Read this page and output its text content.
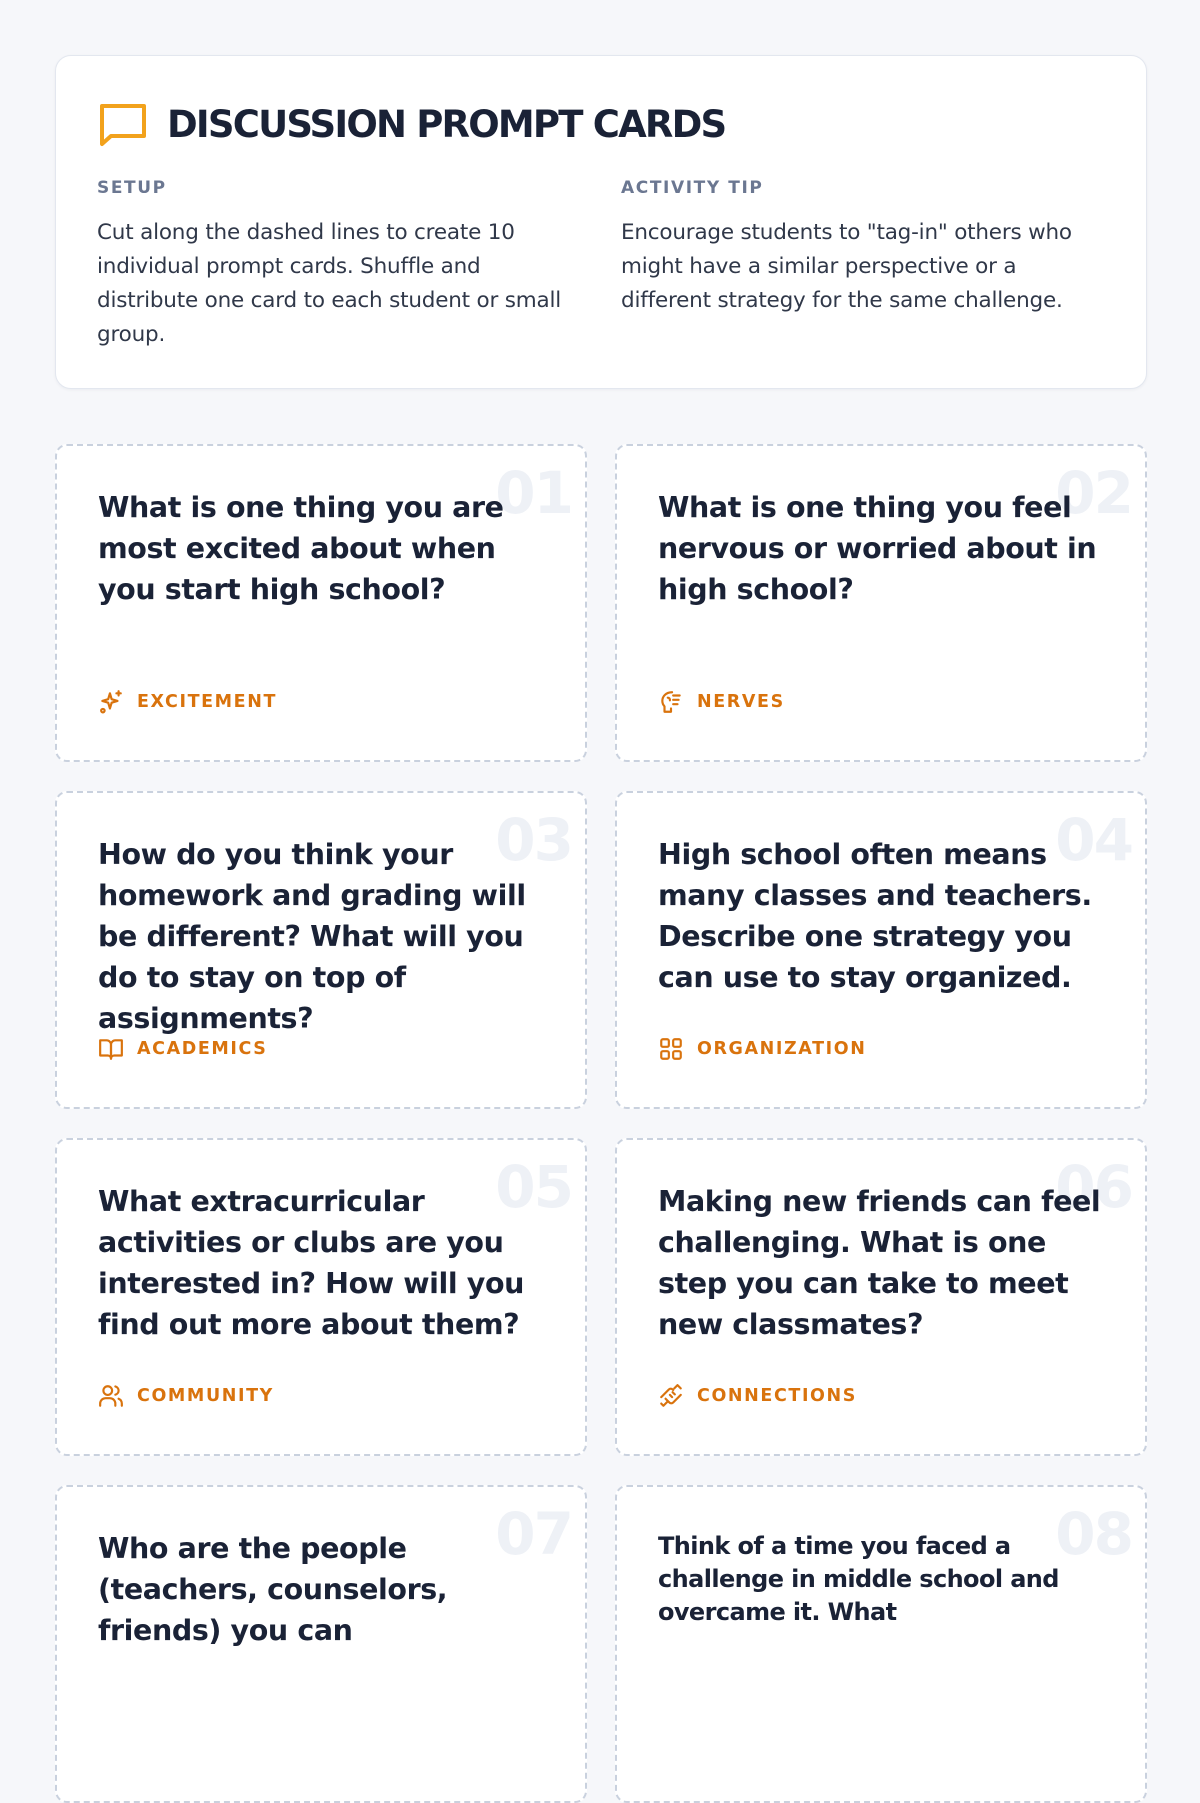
DISCUSSION PROMPT CARDS
SETUP

Cut along the dashed lines to create 10 individual prompt cards. Shuffle and distribute one card to each student or small group.

ACTIVITY TIP

Encourage students to "tag-in" others who might have a similar perspective or a different strategy for the same challenge.

01

What is one thing you are most excited about when you start high school?

EXCITEMENT
02

What is one thing you feel nervous or worried about in high school?

NERVES
03

How do you think your homework and grading will be different? What will you do to stay on top of assignments?

ACADEMICS
04

High school often means many classes and teachers. Describe one strategy you can use to stay organized.

ORGANIZATION
05

What extracurricular activities or clubs are you interested in? How will you find out more about them?

COMMUNITY
06

Making new friends can feel challenging. What is one step you can take to meet new classmates?

CONNECTIONS
07

Who are the people (teachers, counselors, friends) you can

08

Think of a time you faced a challenge in middle school and overcame it. What
